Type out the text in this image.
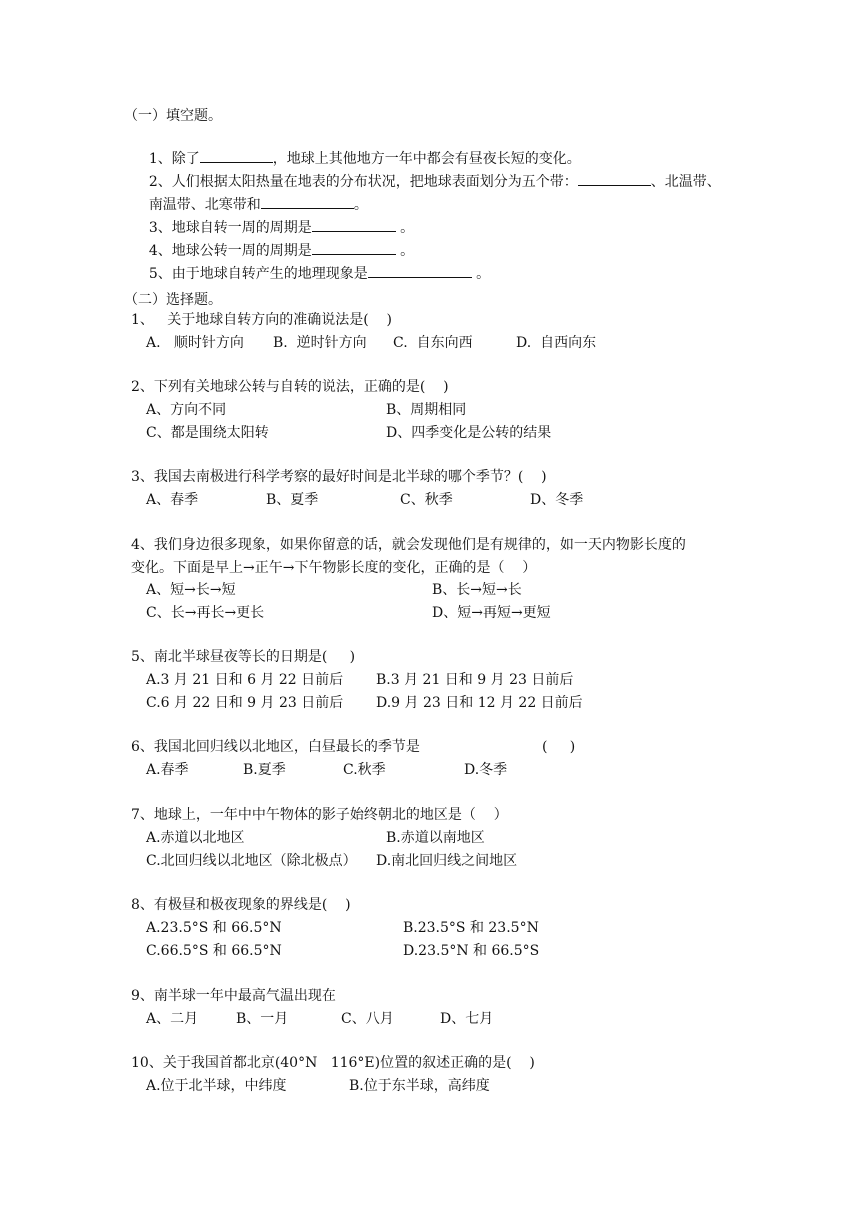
（一）填空题。

1、除了	，地球上其他地方一年中都会有昼夜长短的变化。

2、人们根据太阳热量在地表的分布状况，把地球表面划分为五个带：	、北温带、

南温带、北寒带和	。

3、地球自转一周的周期是	。

4、地球公转一周的周期是	。

5、由于地球自转产生的地理现象是	。

（二）选择题。
1、   关于地球自转方向的准确说法是(    )
A.   顺时针方向 B.  逆时针方向 C.  自东向西	D.  自西向东
2、下列有关地球公转与自转的说法，正确的是(    )
A、方向不同	B、周期相同
C、都是围绕太阳转	D、四季变化是公转的结果
3、我国去南极进行科学考察的最好时间是北半球的哪个季节？(    )
A、春季	B、夏季	C、秋季	D、冬季
4、我们身边很多现象，如果你留意的话，就会发现他们是有规律的，如一天内物影长度的
变化。下面是早上→正午→下午物影长度的变化，正确的是（    ）
A、短→长→短	B、长→短→长
C、长→再长→更长	D、短→再短→更短
5、南北半球昼夜等长的日期是(     )
A.3 月 21 日和 6 月 22 日前后 B.3 月 21 日和 9 月 23 日前后
C.6 月 22 日和 9 月 23 日前后 D.9 月 23 日和 12 月 22 日前后
6、我国北回归线以北地区，白昼最长的季节是	(     )
A.春季	B.夏季	C.秋季	D.冬季
7、地球上，一年中中午物体的影子始终朝北的地区是（    ）
A.赤道以北地区	B.赤道以南地区
C.北回归线以北地区（除北极点） D.南北回归线之间地区
8、有极昼和极夜现象的界线是(    )
A.23.5°S 和 66.5°N	B.23.5°S 和 23.5°N
C.66.5°S 和 66.5°N	D.23.5°N 和 66.5°S
9、南半球一年中最高气温出现在
A、二月	B、一月	C、八月	D、七月
10、关于我国首都北京(40°N   116°E)位置的叙述正确的是(    )
A.位于北半球，中纬度	B.位于东半球，高纬度
